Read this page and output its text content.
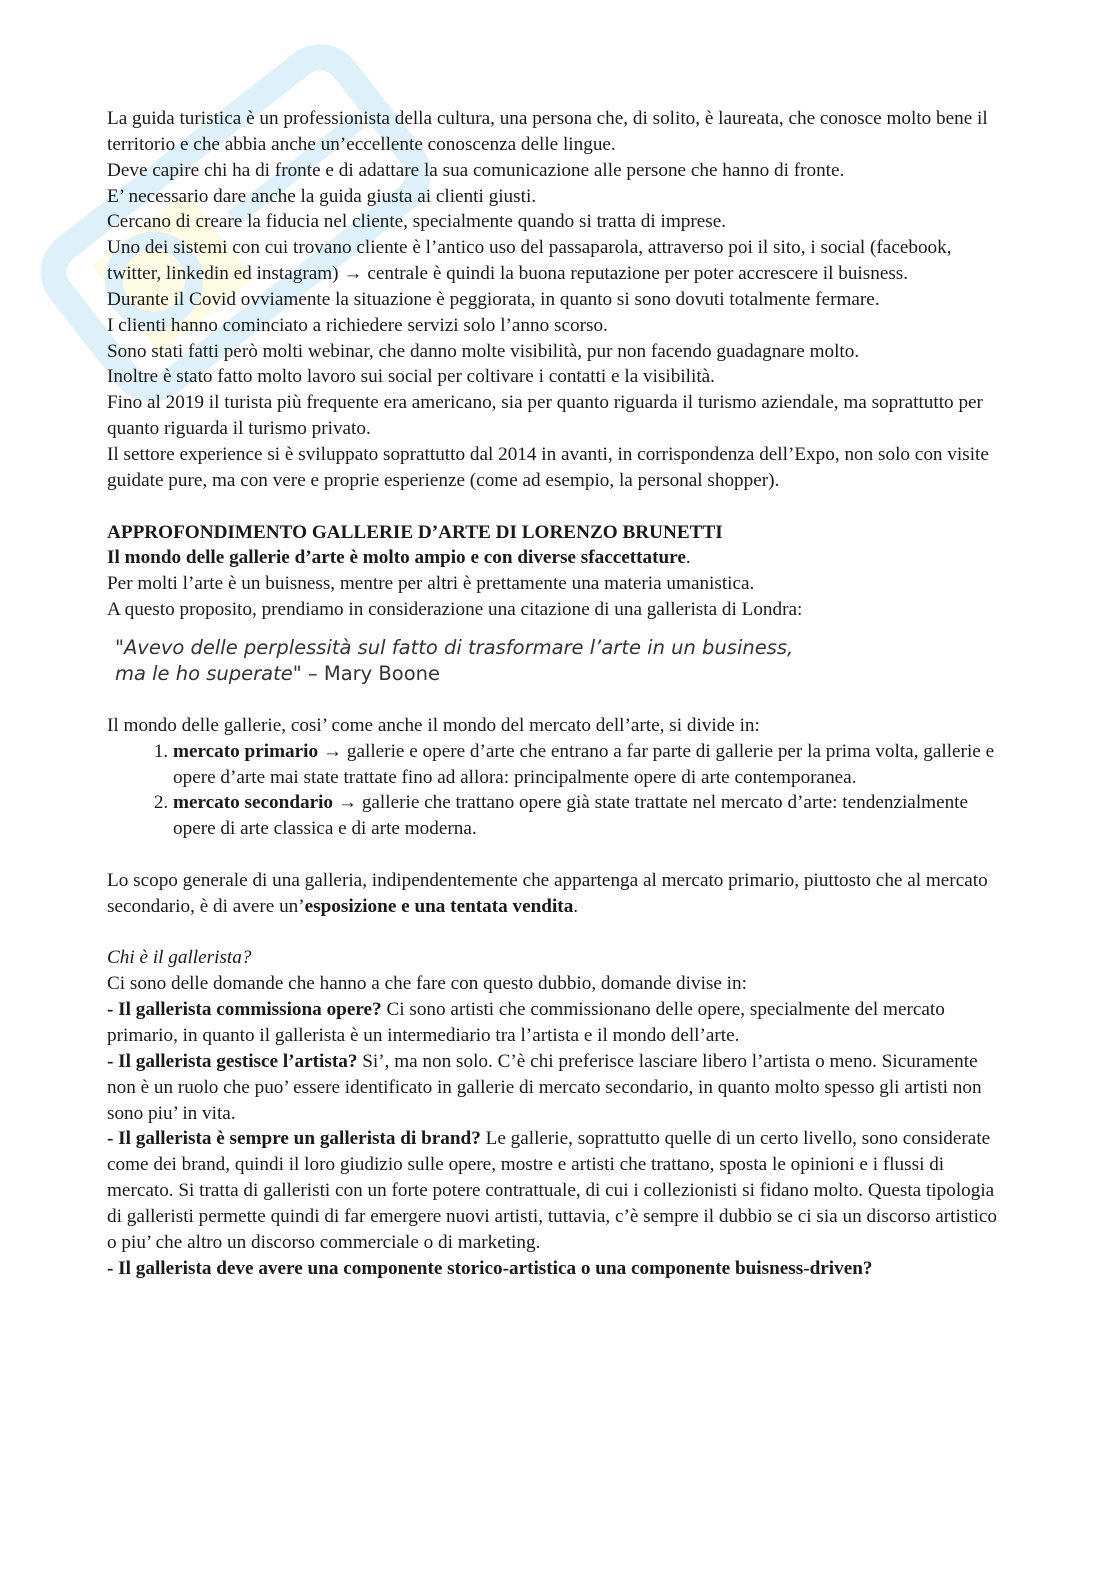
La guida turistica è un professionista della cultura, una persona che, di solito, è laureata, che conosce molto bene il territorio e che abbia anche un’eccellente conoscenza delle lingue.

Deve capire chi ha di fronte e di adattare la sua comunicazione alle persone che hanno di fronte.

E’ necessario dare anche la guida giusta ai clienti giusti.

Cercano di creare la fiducia nel cliente, specialmente quando si tratta di imprese.

Uno dei sistemi con cui trovano cliente è l’antico uso del passaparola, attraverso poi il sito, i social (facebook, twitter, linkedin ed instagram) → centrale è quindi la buona reputazione per poter accrescere il buisness.

Durante il Covid ovviamente la situazione è peggiorata, in quanto si sono dovuti totalmente fermare.

I clienti hanno cominciato a richiedere servizi solo l’anno scorso.

Sono stati fatti però molti webinar, che danno molte visibilità, pur non facendo guadagnare molto.

Inoltre è stato fatto molto lavoro sui social per coltivare i contatti e la visibilità.

Fino al 2019 il turista più frequente era americano, sia per quanto riguarda il turismo aziendale, ma soprattutto per quanto riguarda il turismo privato.

Il settore experience si è sviluppato soprattutto dal 2014 in avanti, in corrispondenza dell’Expo, non solo con visite guidate pure, ma con vere e proprie esperienze (come ad esempio, la personal shopper).

APPROFONDIMENTO GALLERIE D’ARTE DI LORENZO BRUNETTI

Il mondo delle gallerie d’arte è molto ampio e con diverse sfaccettature.

Per molti l’arte è un buisness, mentre per altri è prettamente una materia umanistica.

A questo proposito, prendiamo in considerazione una citazione di una gallerista di Londra:

"Avevo delle perplessità sul fatto di trasformare l’arte in un business,
ma le ho superate" – Mary Boone

Il mondo delle gallerie, cosi’ come anche il mondo del mercato dell’arte, si divide in:

1. mercato primario → gallerie e opere d’arte che entrano a far parte di gallerie per la prima volta, gallerie e opere d’arte mai state trattate fino ad allora: principalmente opere di arte contemporanea.
2. mercato secondario → gallerie che trattano opere già state trattate nel mercato d’arte: tendenzialmente opere di arte classica e di arte moderna.

Lo scopo generale di una galleria, indipendentemente che appartenga al mercato primario, piuttosto che al mercato secondario, è di avere un’esposizione e una tentata vendita.

Chi è il gallerista?

Ci sono delle domande che hanno a che fare con questo dubbio, domande divise in:

- Il gallerista commissiona opere? Ci sono artisti che commissionano delle opere, specialmente del mercato primario, in quanto il gallerista è un intermediario tra l’artista e il mondo dell’arte.

- Il gallerista gestisce l’artista? Si’, ma non solo. C’è chi preferisce lasciare libero l’artista o meno. Sicuramente non è un ruolo che puo’ essere identificato in gallerie di mercato secondario, in quanto molto spesso gli artisti non sono piu’ in vita.

- Il gallerista è sempre un gallerista di brand? Le gallerie, soprattutto quelle di un certo livello, sono considerate come dei brand, quindi il loro giudizio sulle opere, mostre e artisti che trattano, sposta le opinioni e i flussi di mercato. Si tratta di galleristi con un forte potere contrattuale, di cui i collezionisti si fidano molto. Questa tipologia di galleristi permette quindi di far emergere nuovi artisti, tuttavia, c’è sempre il dubbio se ci sia un discorso artistico o piu’ che altro un discorso commerciale o di marketing.

- Il gallerista deve avere una componente storico-artistica o una componente buisness-driven?
